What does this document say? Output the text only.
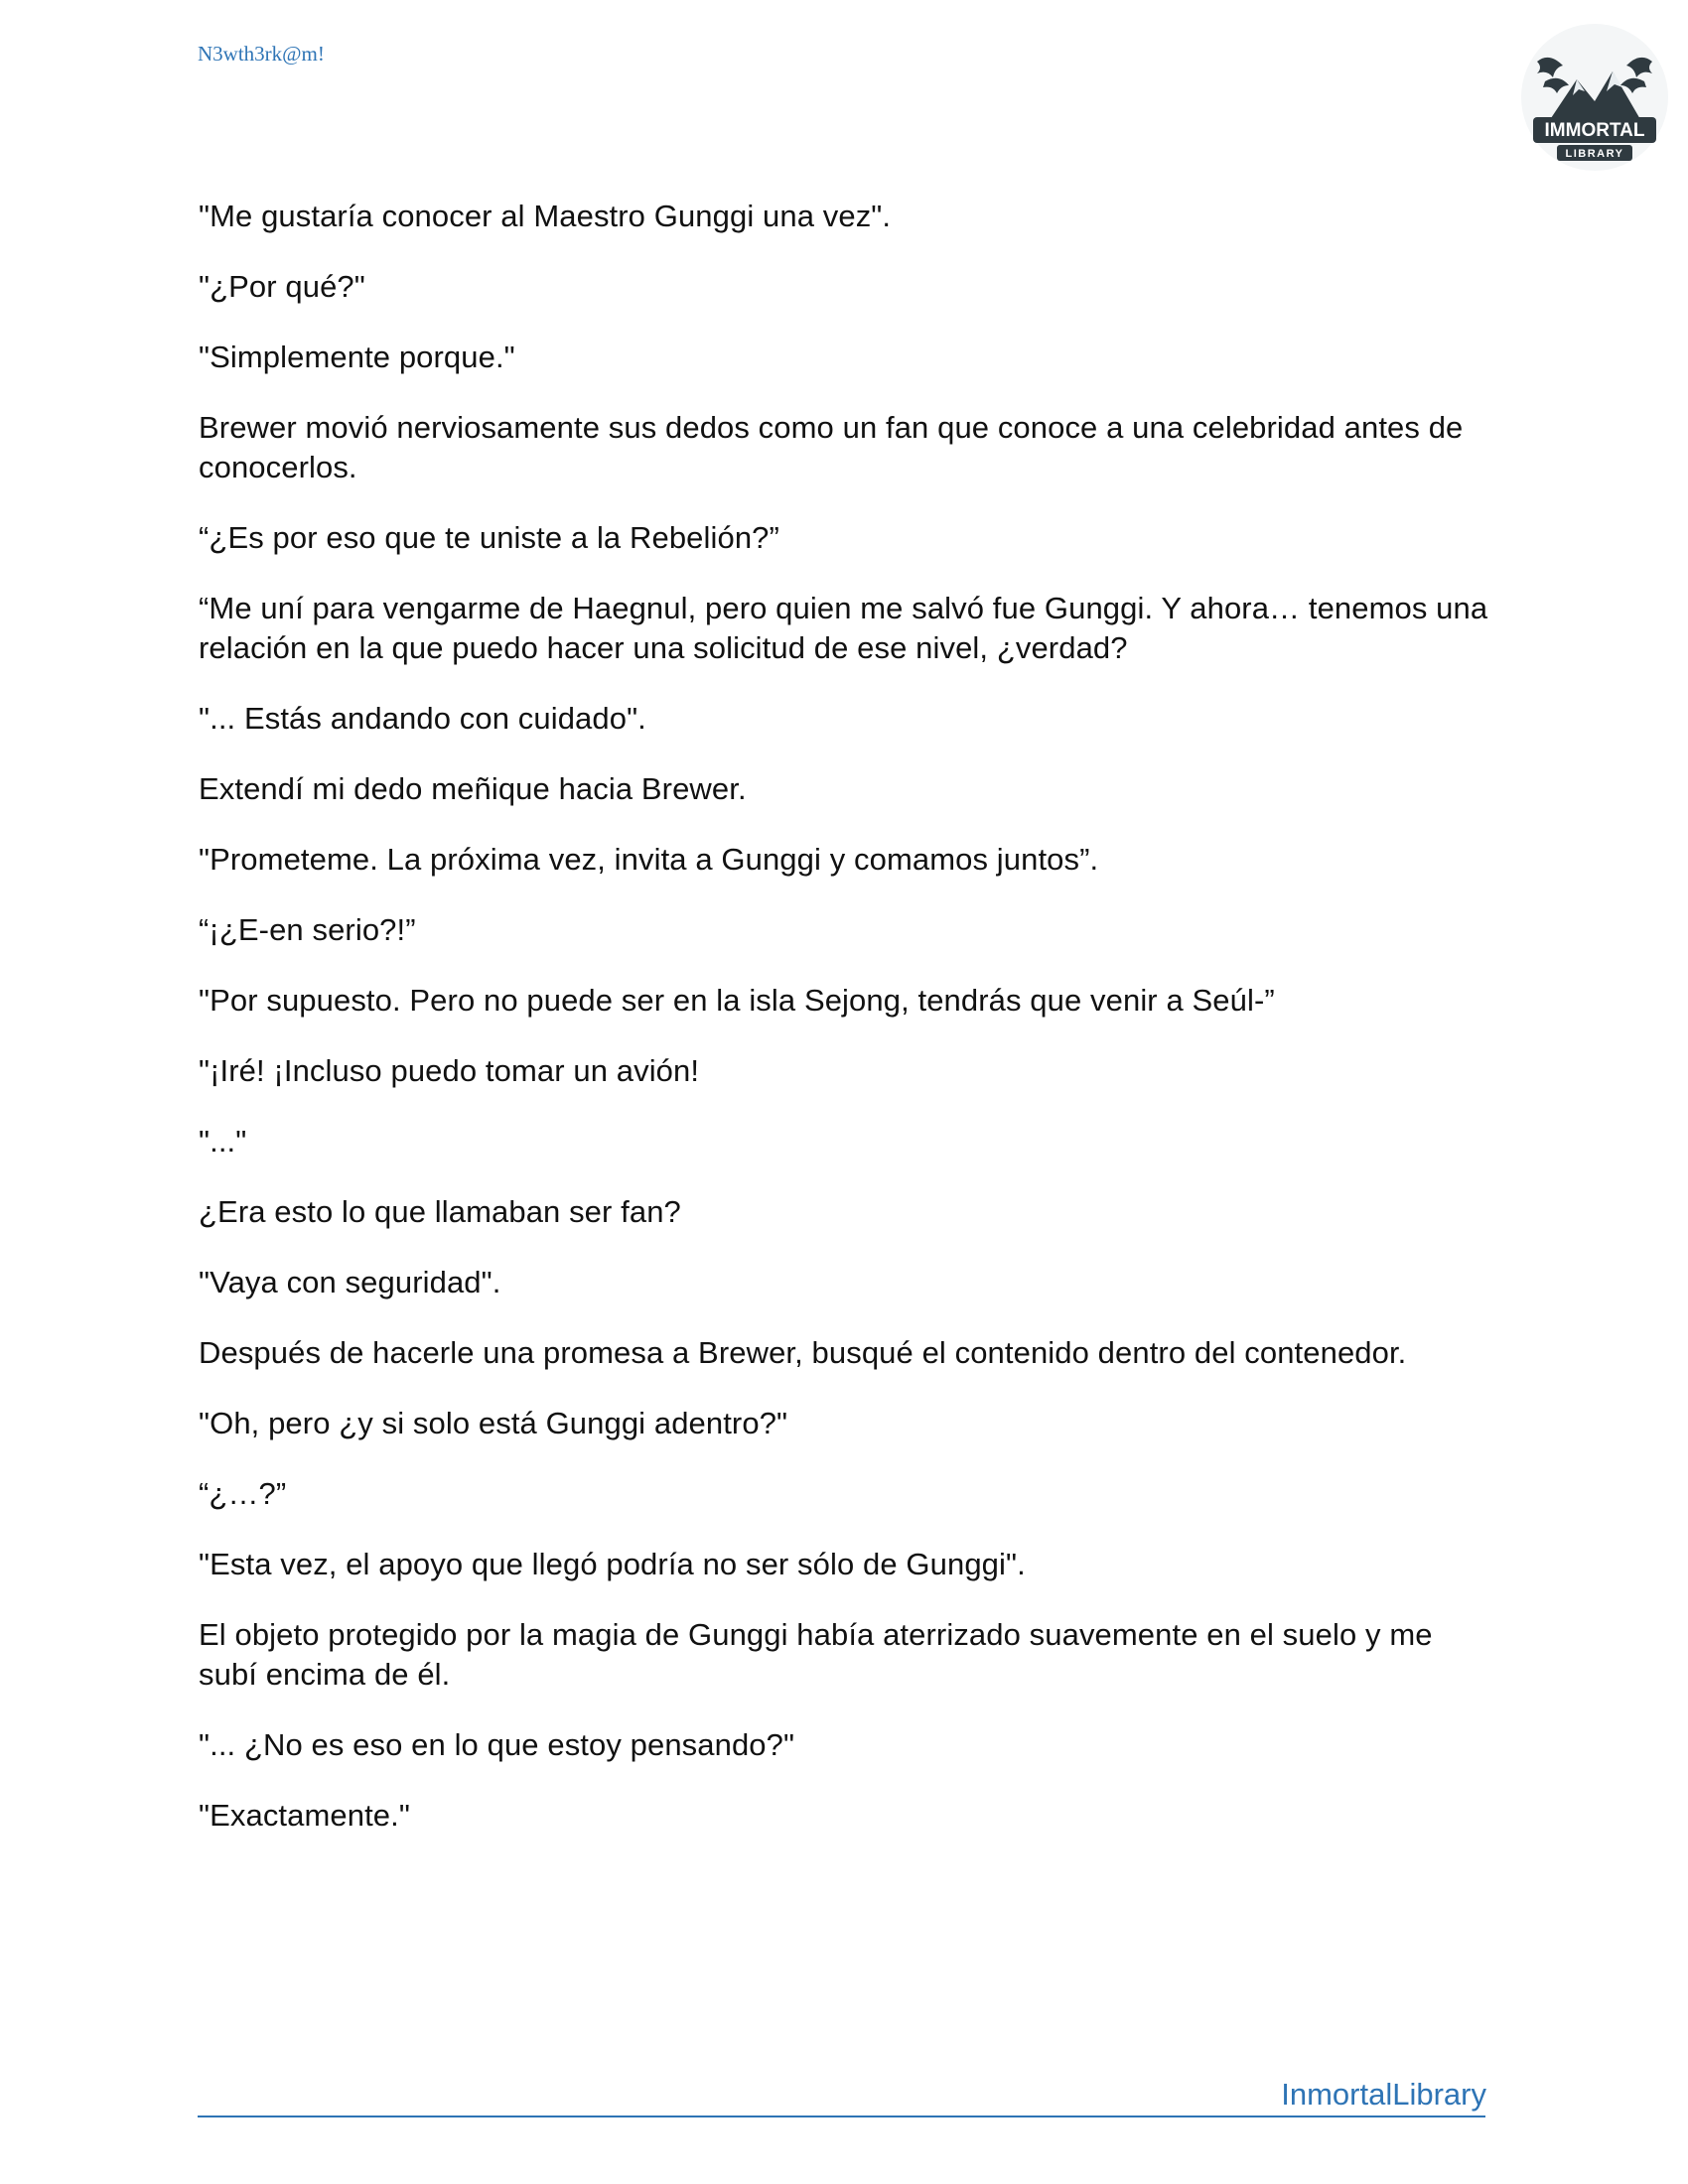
N3wth3rk@m!
IMMORTAL
LIBRARY

"Me gustaría conocer al Maestro Gunggi una vez".

"¿Por qué?"

"Simplemente porque."

Brewer movió nerviosamente sus dedos como un fan que conoce a una celebridad antes de conocerlos.

“¿Es por eso que te uniste a la Rebelión?”

“Me uní para vengarme de Haegnul, pero quien me salvó fue Gunggi. Y ahora… tenemos una relación en la que puedo hacer una solicitud de ese nivel, ¿verdad?

"... Estás andando con cuidado".

Extendí mi dedo meñique hacia Brewer.

"Prometeme. La próxima vez, invita a Gunggi y comamos juntos”.

“¡¿E-en serio?!”

"Por supuesto. Pero no puede ser en la isla Sejong, tendrás que venir a Seúl-”

"¡Iré! ¡Incluso puedo tomar un avión!

"..."

¿Era esto lo que llamaban ser fan?

"Vaya con seguridad".

Después de hacerle una promesa a Brewer, busqué el contenido dentro del contenedor.

"Oh, pero ¿y si solo está Gunggi adentro?"

“¿…?”

"Esta vez, el apoyo que llegó podría no ser sólo de Gunggi".

El objeto protegido por la magia de Gunggi había aterrizado suavemente en el suelo y me subí encima de él.

"... ¿No es eso en lo que estoy pensando?"

"Exactamente."

InmortalLibrary
